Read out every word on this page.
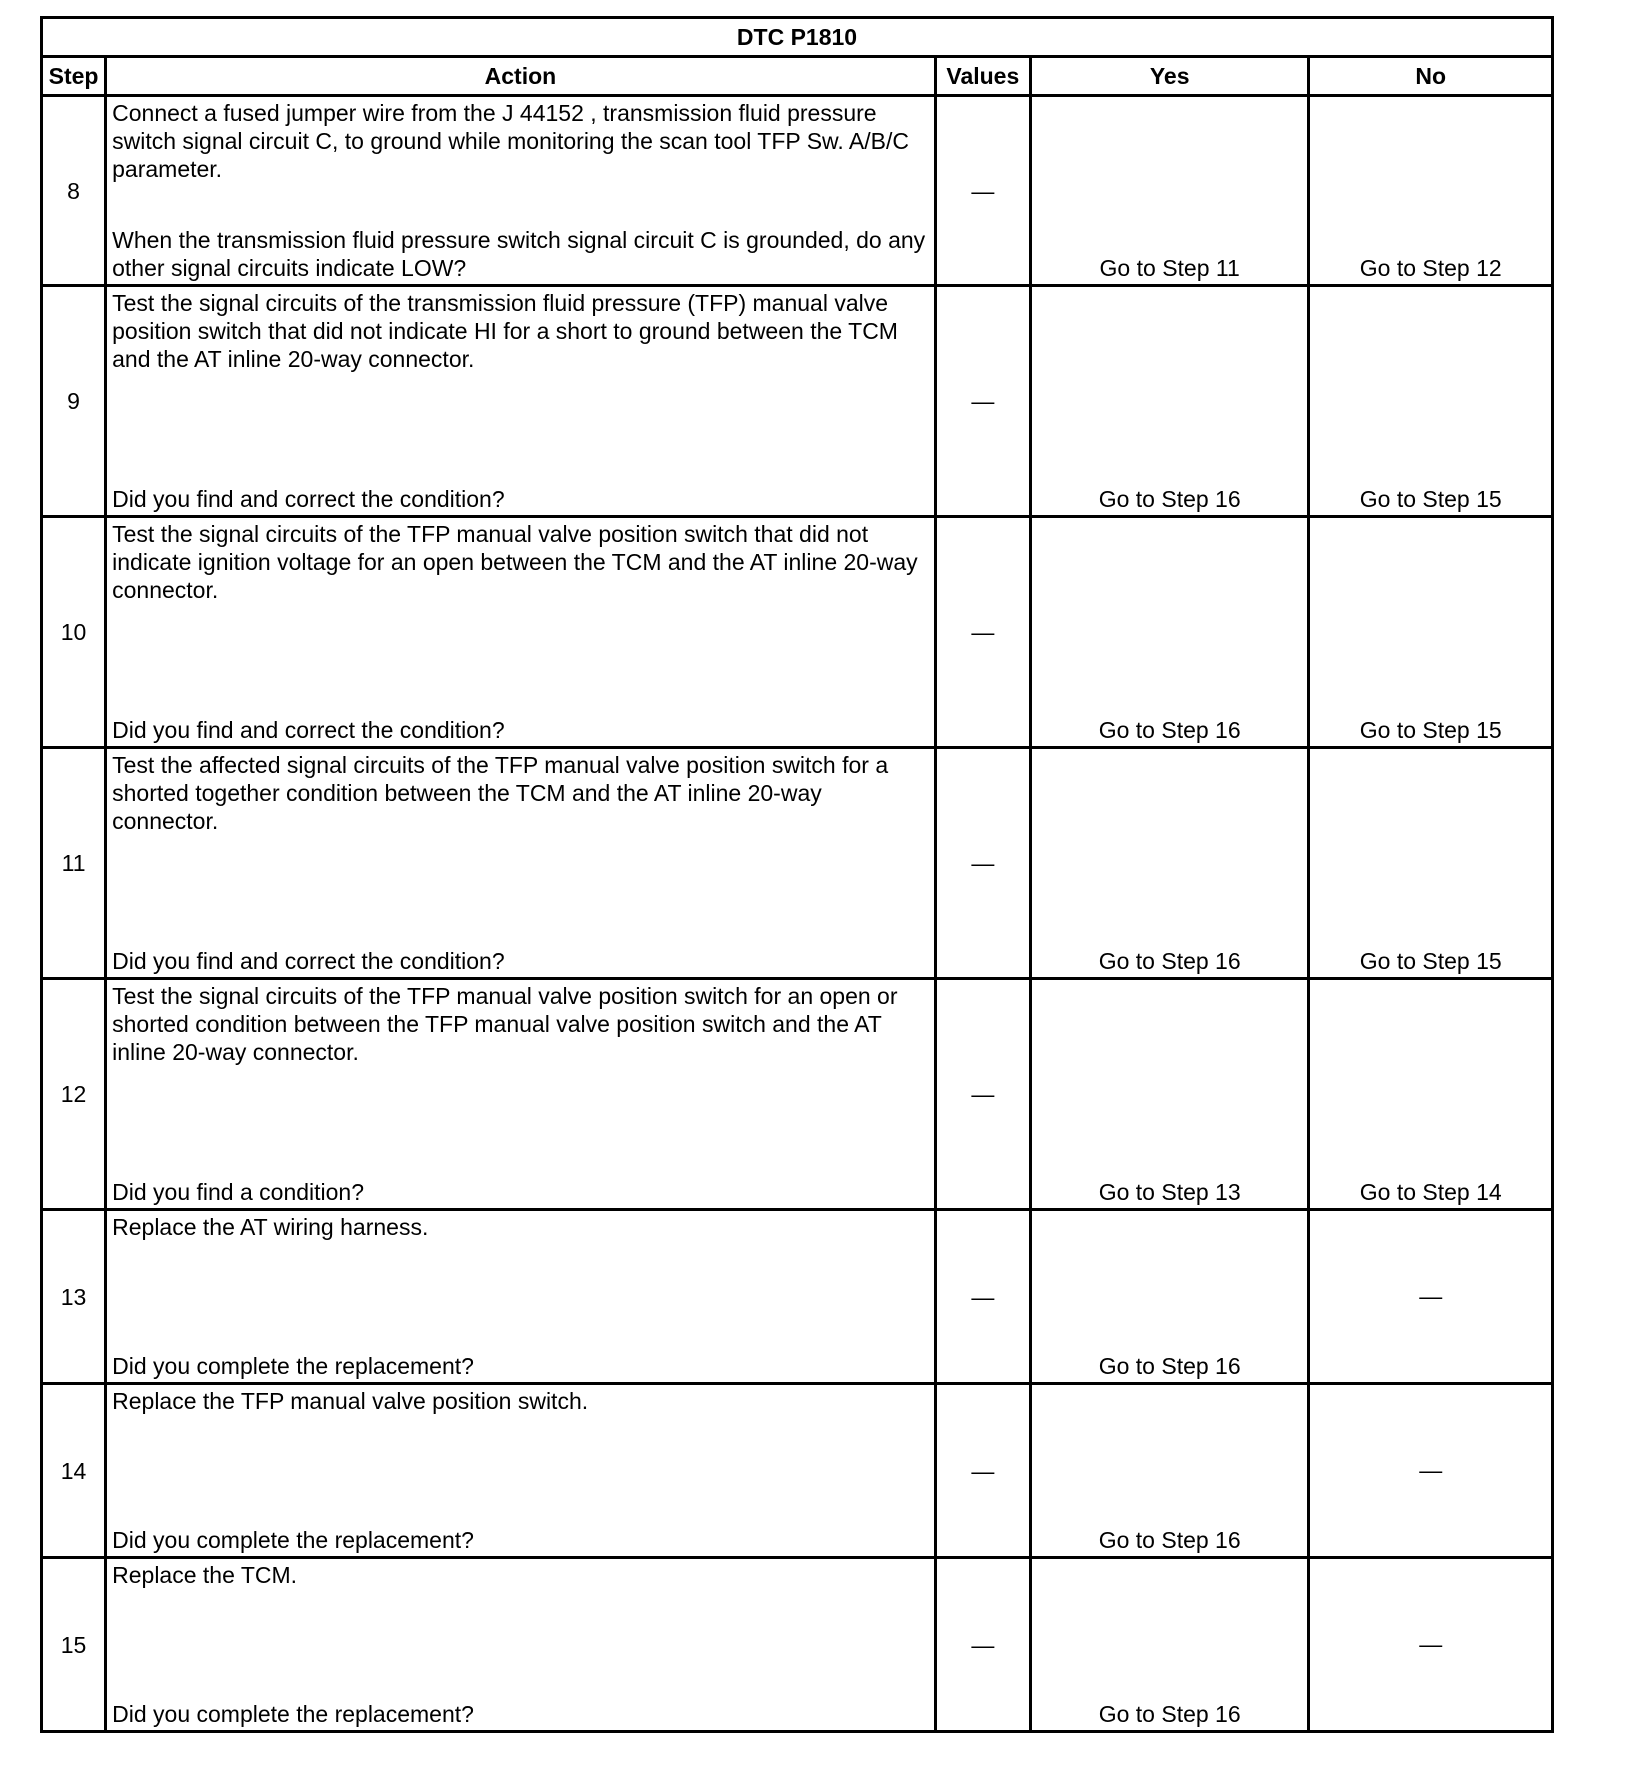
DTC P1810				
Step	Action	Values	Yes	No
8	Connect a fused jumper wire from the J 44152 , transmission fluid pressure switch signal circuit C, to ground while monitoring the scan tool TFP Sw. A/B/C parameter.
When the transmission fluid pressure switch signal circuit C is grounded, do any other signal circuits indicate LOW?	—	Go to Step 11	Go to Step 12
9	Test the signal circuits of the transmission fluid pressure (TFP) manual valve position switch that did not indicate HI for a short to ground between the TCM and the AT inline 20-way connector.
Did you find and correct the condition?	—	Go to Step 16	Go to Step 15
10	Test the signal circuits of the TFP manual valve position switch that did not indicate ignition voltage for an open between the TCM and the AT inline 20-way connector.
Did you find and correct the condition?	—	Go to Step 16	Go to Step 15
11	Test the affected signal circuits of the TFP manual valve position switch for a shorted together condition between the TCM and the AT inline 20-way connector.
Did you find and correct the condition?	—	Go to Step 16	Go to Step 15
12	Test the signal circuits of the TFP manual valve position switch for an open or shorted condition between the TFP manual valve position switch and the AT inline 20-way connector.
Did you find a condition?	—	Go to Step 13	Go to Step 14
13	Replace the AT wiring harness.
Did you complete the replacement?	—	Go to Step 16	—
14	Replace the TFP manual valve position switch.
Did you complete the replacement?	—	Go to Step 16	—
15	Replace the TCM.
Did you complete the replacement?	—	Go to Step 16	—
